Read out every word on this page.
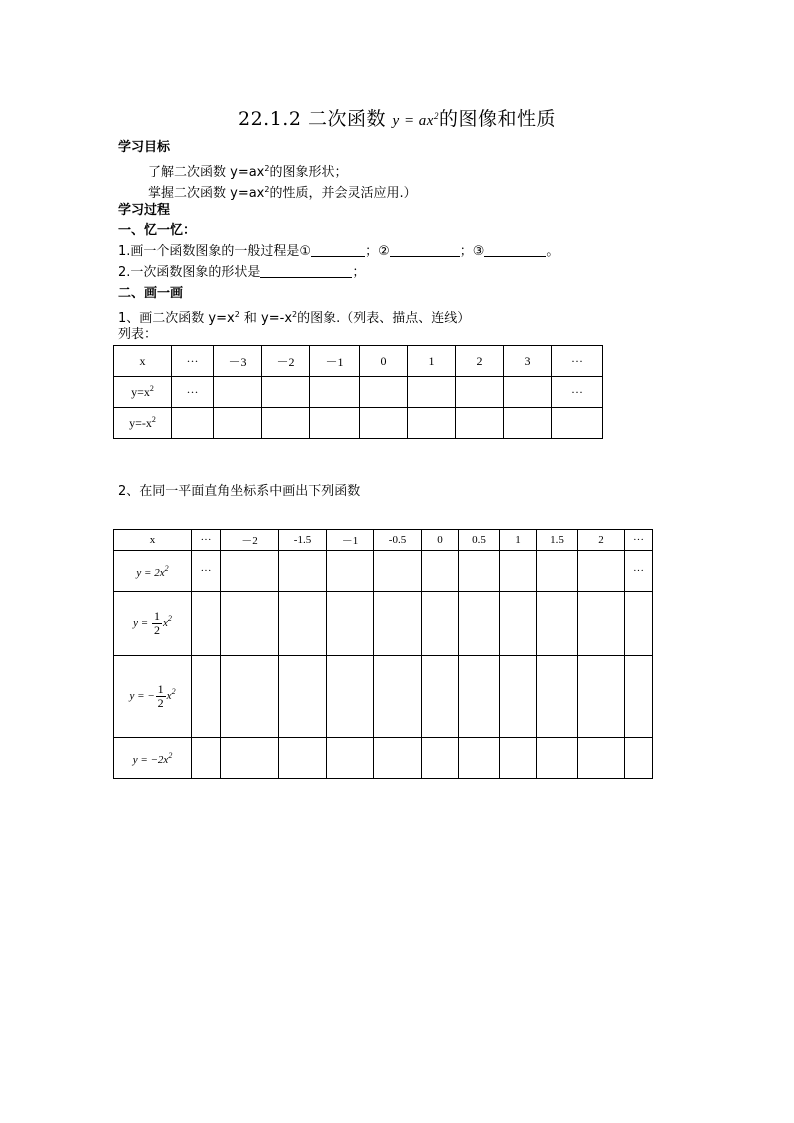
22.1.2 二次函数 $y = ax^2$的图像和性质
学习目标
了解二次函数 $y=ax^2$的图象形状；
掌握二次函数 $y=ax^2$的性质，并会灵活应用.）
学习过程
一、忆一忆：
1.画一个函数图象的一般过程是①	；②	；③	。
2.一次函数图象的形状是	；
二、画一画
1、画二次函数 $y=x^2$ 和 $y=-x^2$的图象.（列表、描点、连线）
列表：
x	···	－3	－2	－1	0	1	2	3	···
$y=x^2$	···								···
$y=-x^2$									
2、在同一平面直角坐标系中画出下列函数
x	···	－2	-1.5	－1	-0.5	0	0.5	1	1.5	2	···
$y = 2x^2$	···										···
$y = \frac{1}{2} x^2$											
y = − $\frac{1}{2} x^2$											
$y = -2x^2$											
